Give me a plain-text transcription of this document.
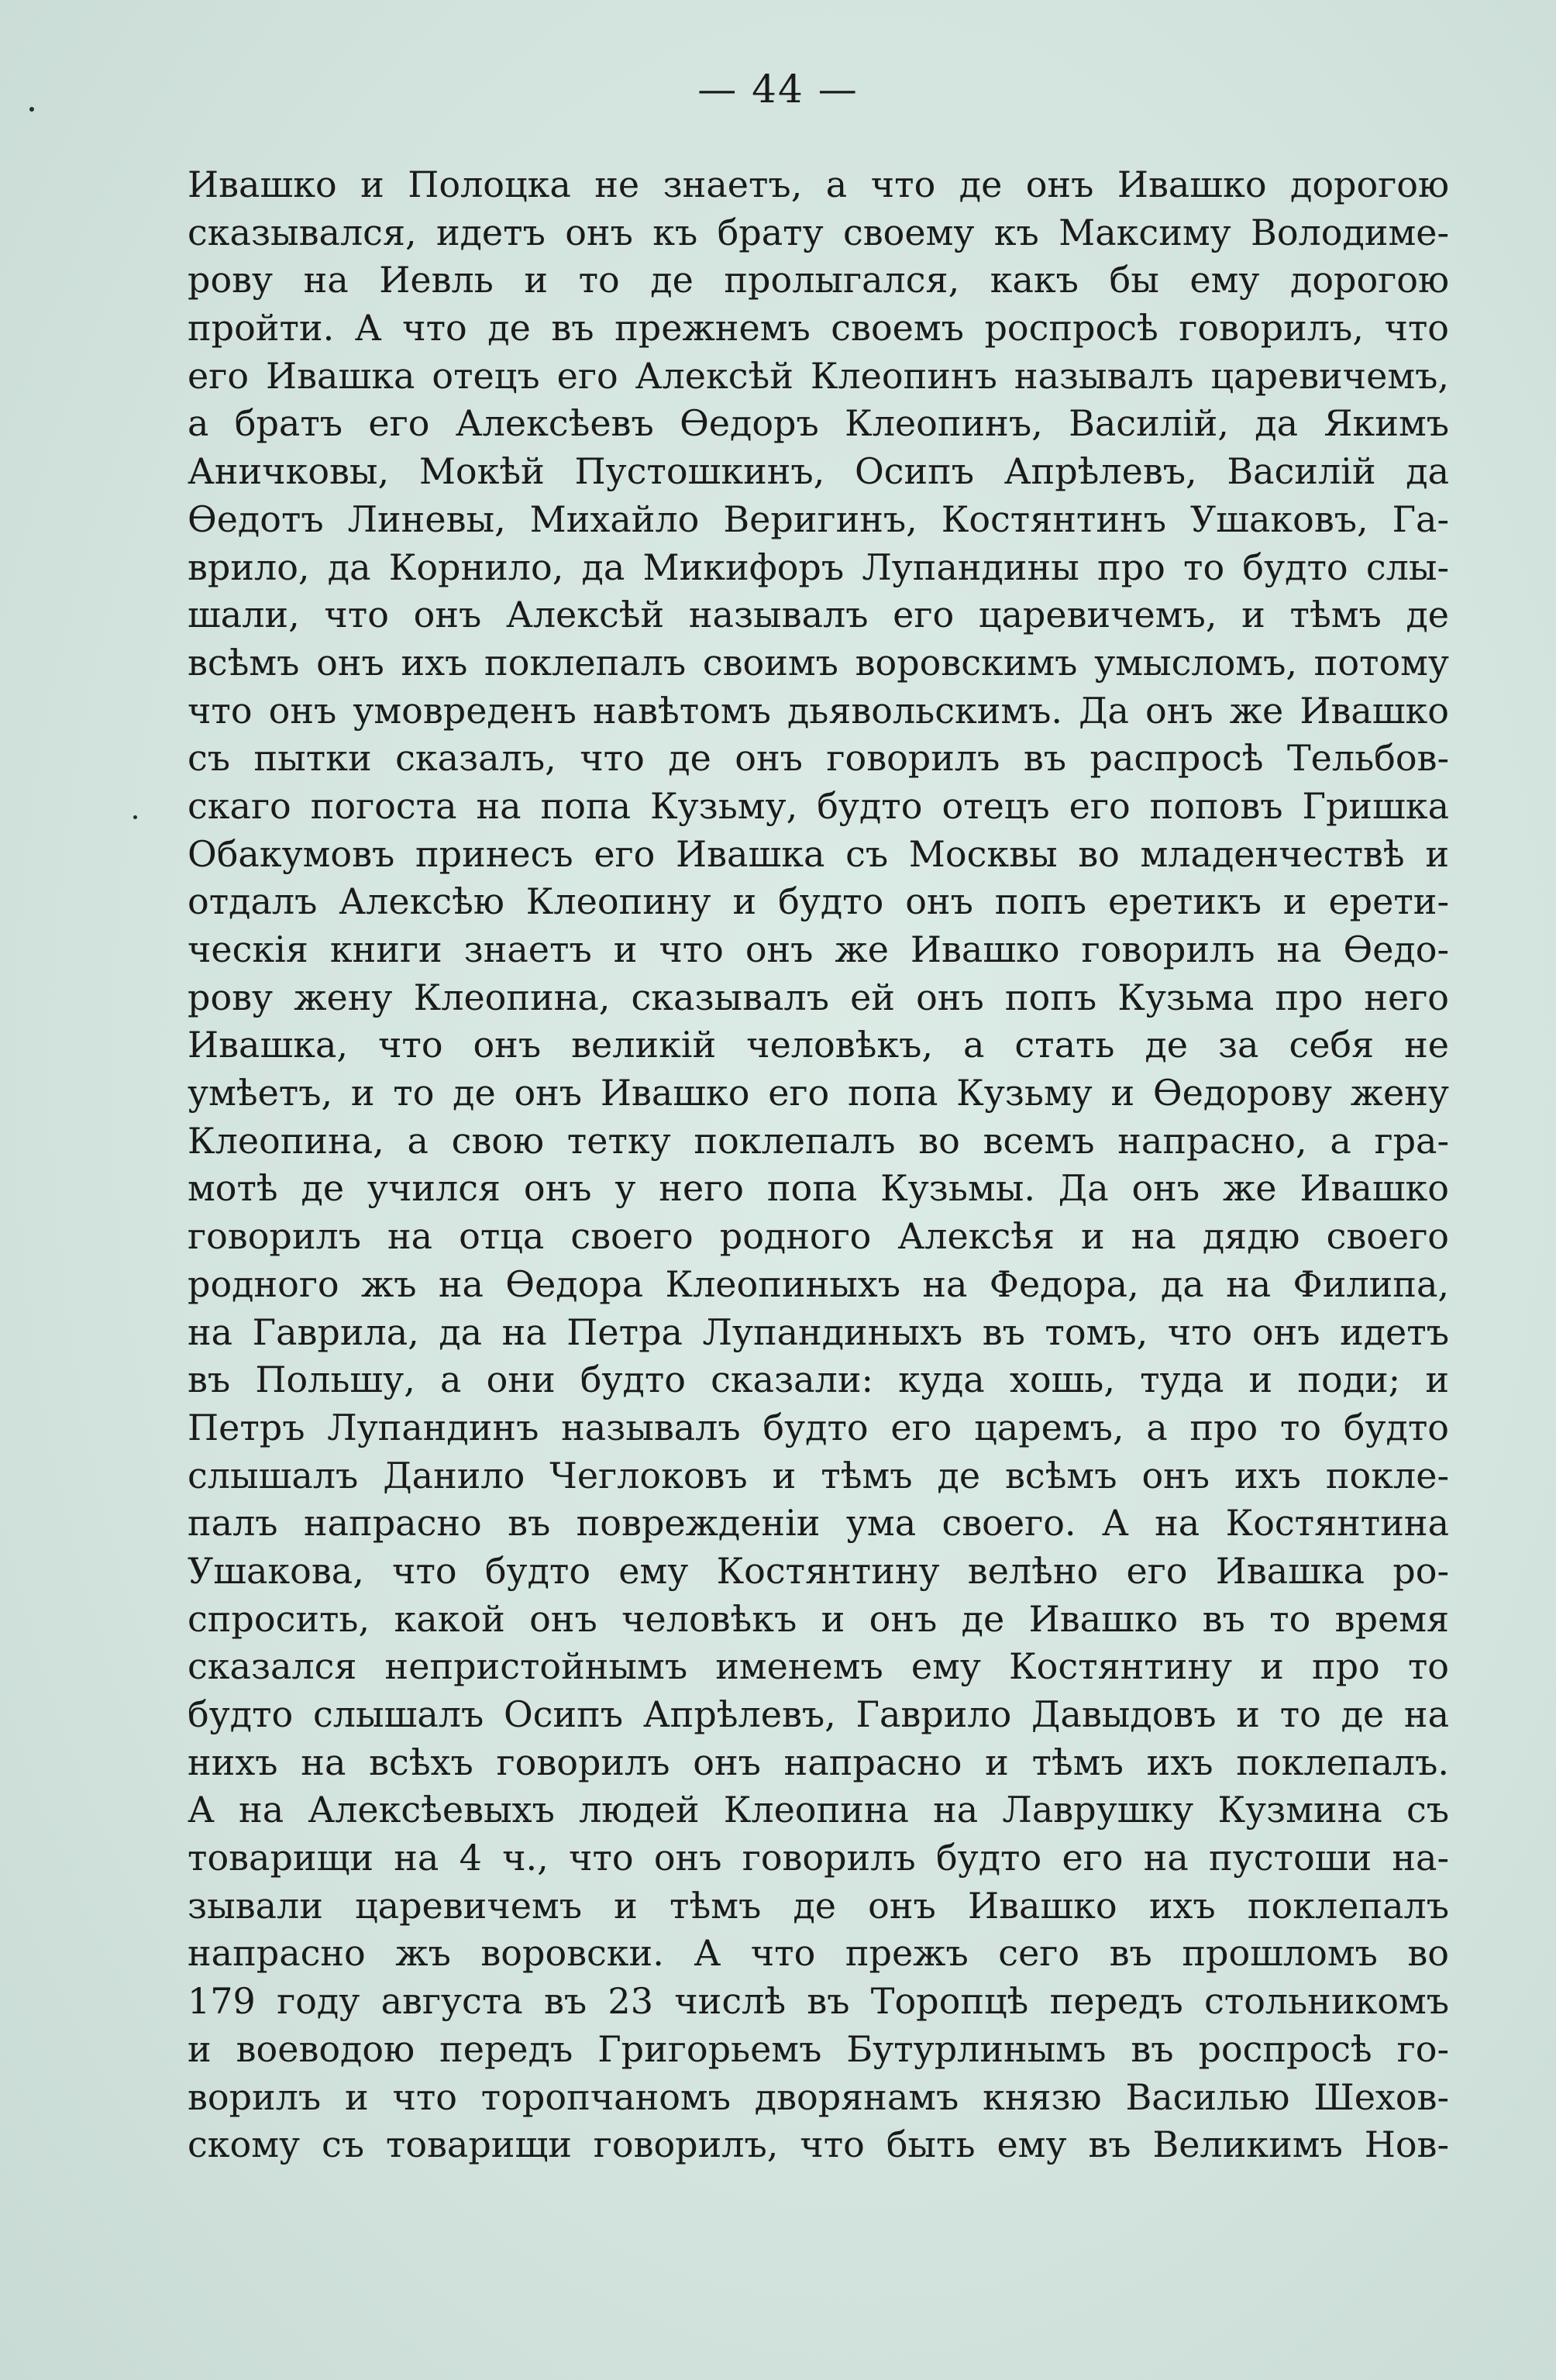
— 44 —
Ивашко и Полоцка не знаетъ, а что де онъ Ивашко дорогою
сказывался, идетъ онъ къ брату своему къ Максиму Володиме-
рову на Иевль и то де пролыгался, какъ бы ему дорогою
пройти. А что де въ прежнемъ своемъ роспросѣ говорилъ, что
его Ивашка отецъ его Алексѣй Клеопинъ называлъ царевичемъ,
а братъ его Алексѣевъ Ѳедоръ Клеопинъ, Василiй, да Якимъ
Аничковы, Мокѣй Пустошкинъ, Осипъ Апрѣлевъ, Василiй да
Ѳедотъ Линевы, Михайло Веригинъ, Костянтинъ Ушаковъ, Га-
врило, да Корнило, да Микифоръ Лупандины про то будто слы-
шали, что онъ Алексѣй называлъ его царевичемъ, и тѣмъ де
всѣмъ онъ ихъ поклепалъ своимъ воровскимъ умысломъ, потому
что онъ умовреденъ навѣтомъ дьявольскимъ. Да онъ же Ивашко
съ пытки сказалъ, что де онъ говорилъ въ распросѣ Тельбов-
скаго погоста на попа Кузьму, будто отецъ его поповъ Гришка
Обакумовъ принесъ его Ивашка съ Москвы во младенчествѣ и
отдалъ Алексѣю Клеопину и будто онъ попъ еретикъ и ерети-
ческiя книги знаетъ и что онъ же Ивашко говорилъ на Ѳедо-
рову жену Клеопина, сказывалъ ей онъ попъ Кузьма про него
Ивашка, что онъ великiй человѣкъ, а стать де за себя не
умѣетъ, и то де онъ Ивашко его попа Кузьму и Ѳедорову жену
Клеопина, а свою тетку поклепалъ во всемъ напрасно, а гра-
мотѣ де учился онъ у него попа Кузьмы. Да онъ же Ивашко
говорилъ на отца своего родного Алексѣя и на дядю своего
родного жъ на Ѳедора Клеопиныхъ на Федора, да на Филипа,
на Гаврила, да на Петра Лупандиныхъ въ томъ, что онъ идетъ
въ Польшу, а они будто сказали: куда хошь, туда и поди; и
Петръ Лупандинъ называлъ будто его царемъ, а про то будто
слышалъ Данило Чеглоковъ и тѣмъ де всѣмъ онъ ихъ покле-
палъ напрасно въ поврежденiи ума своего. А на Костянтина
Ушакова, что будто ему Костянтину велѣно его Ивашка ро-
спросить, какой онъ человѣкъ и онъ де Ивашко въ то время
сказался непристойнымъ именемъ ему Костянтину и про то
будто слышалъ Осипъ Апрѣлевъ, Гаврило Давыдовъ и то де на
нихъ на всѣхъ говорилъ онъ напрасно и тѣмъ ихъ поклепалъ.
А на Алексѣевыхъ людей Клеопина на Лаврушку Кузмина съ
товарищи на 4 ч., что онъ говорилъ будто его на пустоши на-
зывали царевичемъ и тѣмъ де онъ Ивашко ихъ поклепалъ
напрасно жъ воровски. А что прежъ сего въ прошломъ во
179 году августа въ 23 числѣ въ Торопцѣ передъ стольникомъ
и воеводою передъ Григорьемъ Бутурлинымъ въ роспросѣ го-
ворилъ и что торопчаномъ дворянамъ князю Василью Шехов-
скому съ товарищи говорилъ, что быть ему въ Великимъ Нов-
